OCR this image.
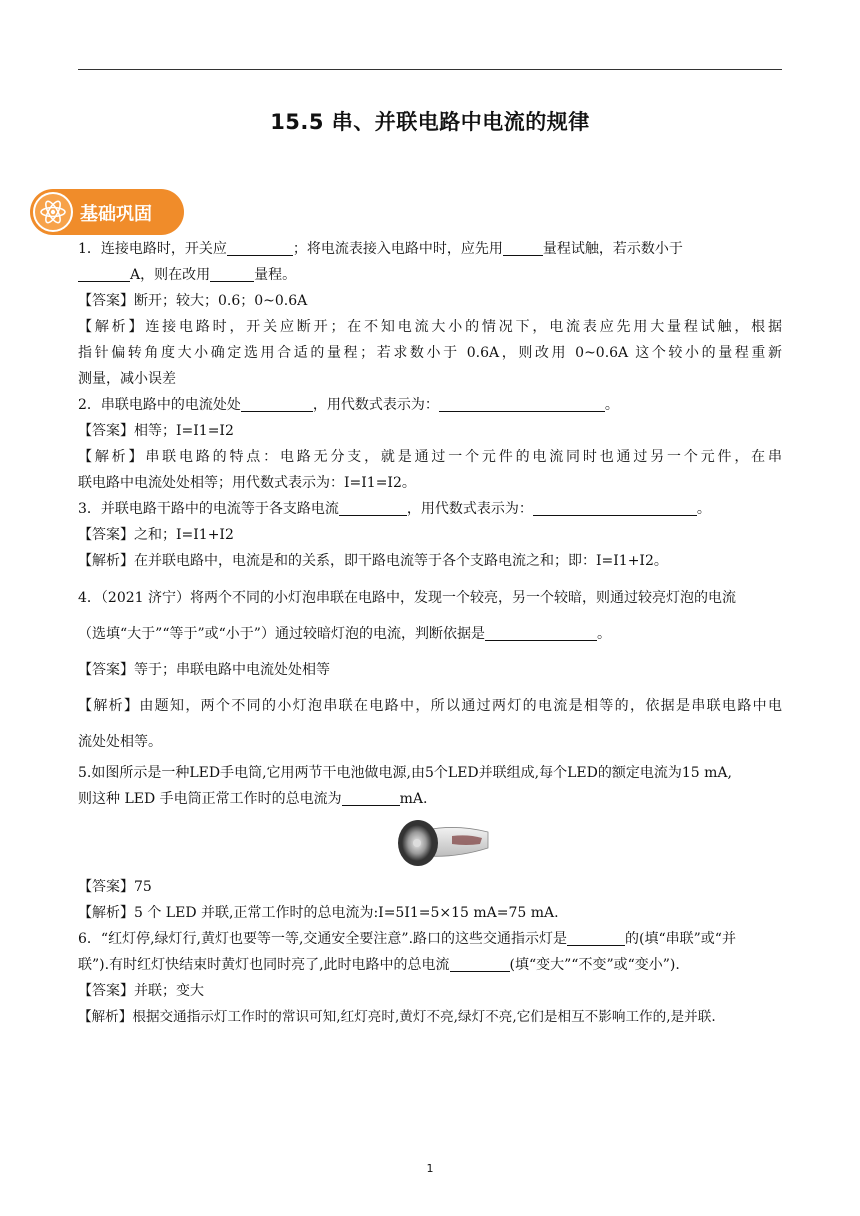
15.5 串、并联电路中电流的规律
基础巩固

1．连接电路时，开关应	；将电流表接入电路中时，应先用	量程试触，若示数小于

A，则在改用	量程。

【答案】断开；较大；0.6；0~0.6A

【解析】连接电路时，开关应断开；在不知电流大小的情况下，电流表应先用大量程试触，根据

指针偏转角度大小确定选用合适的量程；若求数小于 0.6A，则改用 0~0.6A 这个较小的量程重新

测量，减小误差

2．串联电路中的电流处处	，用代数式表示为：	。

【答案】相等；I=I1=I2

【解析】串联电路的特点：电路无分支，就是通过一个元件的电流同时也通过另一个元件，在串

联电路中电流处处相等；用代数式表示为：I=I1=I2。

3．并联电路干路中的电流等于各支路电流	，用代数式表示为：	。

【答案】之和；I=I1+I2

【解析】在并联电路中，电流是和的关系，即干路电流等于各个支路电流之和；即：I=I1+I2。

4．（2021 济宁）将两个不同的小灯泡串联在电路中，发现一个较亮，另一个较暗，则通过较亮灯泡的电流

（选填“大于”“等于”或“小于”）通过较暗灯泡的电流，判断依据是	。

【答案】等于；串联电路中电流处处相等

【解析】由题知，两个不同的小灯泡串联在电路中，所以通过两灯的电流是相等的，依据是串联电路中电

流处处相等。

5.如图所示是一种LED手电筒,它用两节干电池做电源,由5个LED并联组成,每个LED的额定电流为15 mA,

则这种 LED 手电筒正常工作时的总电流为	mA.

【答案】75

【解析】5 个 LED 并联,正常工作时的总电流为:I=5I1=5×15 mA=75 mA.

6．“红灯停,绿灯行,黄灯也要等一等,交通安全要注意”.路口的这些交通指示灯是	的(填“串联”或“并

联”).有时红灯快结束时黄灯也同时亮了,此时电路中的总电流	(填“变大”“不变”或“变小”).

【答案】并联；变大

【解析】根据交通指示灯工作时的常识可知,红灯亮时,黄灯不亮,绿灯不亮,它们是相互不影响工作的,是并联.

1
